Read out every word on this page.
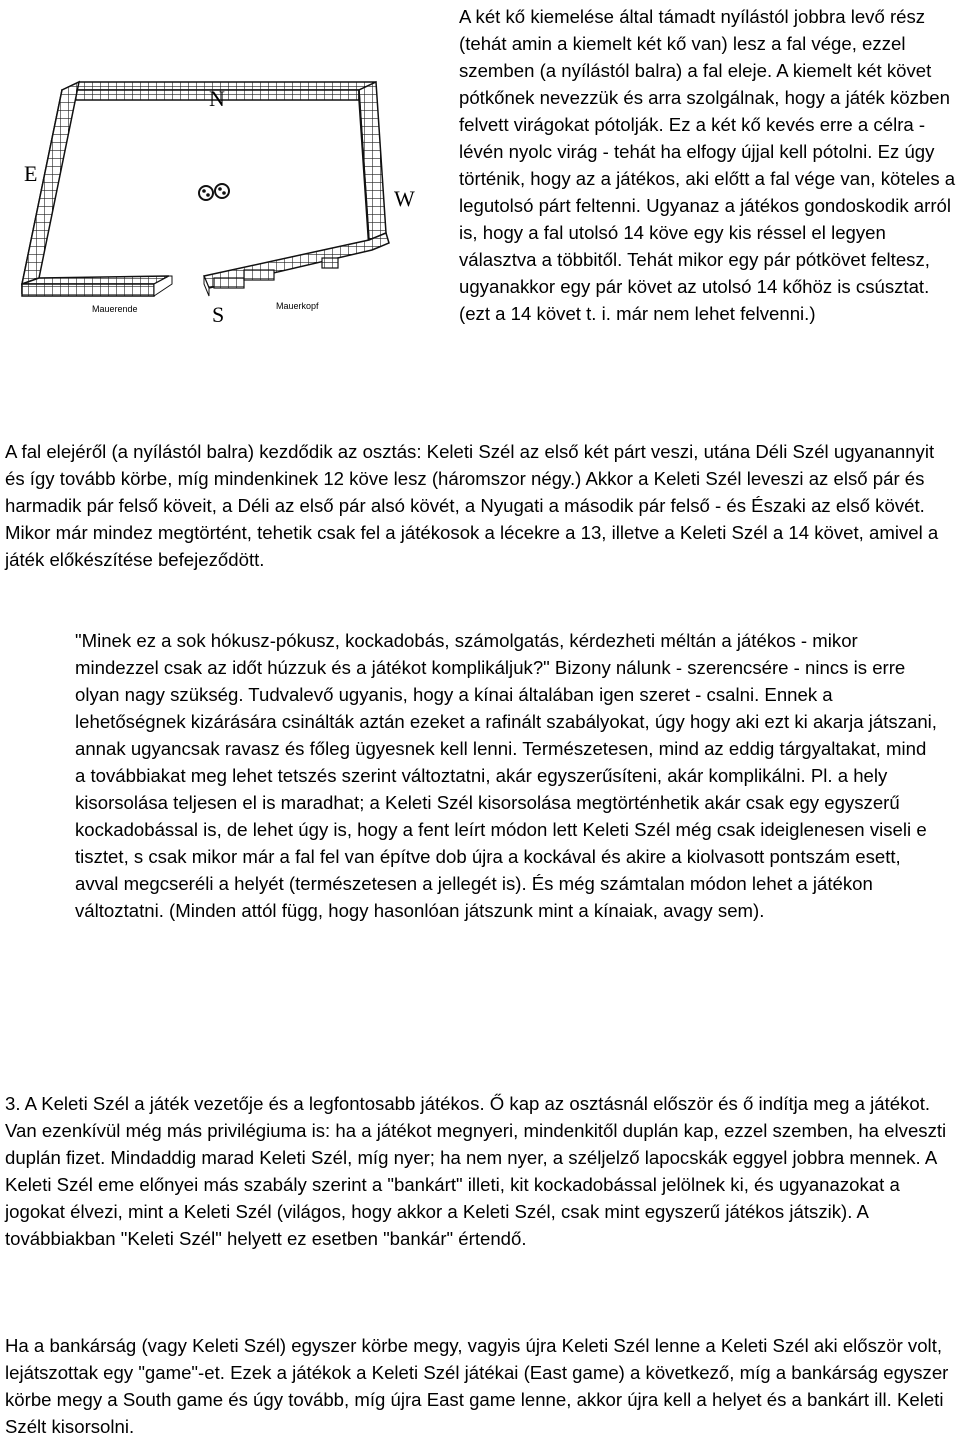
N
E
W
S
Mauerende	Mauerkopf

A két kő kiemelése által támadt nyílástól jobbra levő rész (tehát amin a kiemelt két kő van) lesz a fal vége, ezzel szemben (a nyílástól balra) a fal eleje. A kiemelt két követ pótkőnek nevezzük és arra szolgálnak, hogy a játék közben felvett virágokat pótolják. Ez a két kő kevés erre a célra - lévén nyolc virág - tehát ha elfogy újjal kell pótolni. Ez úgy történik, hogy az a játékos, aki előtt a fal vége van, köteles a legutolsó párt feltenni. Ugyanaz a játékos gondoskodik arról is, hogy a fal utolsó 14 köve egy kis réssel el legyen választva a többitől. Tehát mikor egy pár pótkövet feltesz, ugyanakkor egy pár követ az utolsó 14 kőhöz is csúsztat. (ezt a 14 követ t. i. már nem lehet felvenni.)

A fal elejéről (a nyílástól balra) kezdődik az osztás: Keleti Szél az első két párt veszi, utána Déli Szél ugyanannyit és így tovább körbe, míg mindenkinek 12 köve lesz (háromszor négy.) Akkor a Keleti Szél leveszi az első pár és harmadik pár felső köveit, a Déli az első pár alsó kövét, a Nyugati a második pár felső - és Északi az első kövét. Mikor már mindez megtörtént, tehetik csak fel a játékosok a lécekre a 13, illetve a Keleti Szél a 14 követ, amivel a játék előkészítése befejeződött.

"Minek ez a sok hókusz-pókusz, kockadobás, számolgatás, kérdezheti méltán a játékos - mikor mindezzel csak az időt húzzuk és a játékot komplikáljuk?" Bizony nálunk - szerencsére - nincs is erre olyan nagy szükség. Tudvalevő ugyanis, hogy a kínai általában igen szeret - csalni. Ennek a lehetőségnek kizárására csinálták aztán ezeket a rafinált szabályokat, úgy hogy aki ezt ki akarja játszani, annak ugyancsak ravasz és főleg ügyesnek kell lenni. Természetesen, mind az eddig tárgyaltakat, mind a továbbiakat meg lehet tetszés szerint változtatni, akár egyszerűsíteni, akár komplikálni. Pl. a hely kisorsolása teljesen el is maradhat; a Keleti Szél kisorsolása megtörténhetik akár csak egy egyszerű kockadobással is, de lehet úgy is, hogy a fent leírt módon lett Keleti Szél még csak ideiglenesen viseli e tisztet, s csak mikor már a fal fel van építve dob újra a kockával és akire a kiolvasott pontszám esett, avval megcseréli a helyét (természetesen a jellegét is). És még számtalan módon lehet a játékon változtatni. (Minden attól függ, hogy hasonlóan játszunk mint a kínaiak, avagy sem).

3. A Keleti Szél a játék vezetője és a legfontosabb játékos. Ő kap az osztásnál először és ő indítja meg a játékot. Van ezenkívül még más privilégiuma is: ha a játékot megnyeri, mindenkitől duplán kap, ezzel szemben, ha elveszti duplán fizet. Mindaddig marad Keleti Szél, míg nyer; ha nem nyer, a széljelző lapocskák eggyel jobbra mennek. A Keleti Szél eme előnyei más szabály szerint a "bankárt" illeti, kit kockadobással jelölnek ki, és ugyanazokat a jogokat élvezi, mint a Keleti Szél (világos, hogy akkor a Keleti Szél, csak mint egyszerű játékos játszik). A továbbiakban "Keleti Szél" helyett ez esetben "bankár" értendő.

Ha a bankárság (vagy Keleti Szél) egyszer körbe megy, vagyis újra Keleti Szél lenne a Keleti Szél aki először volt, lejátszottak egy "game"-et. Ezek a játékok a Keleti Szél játékai (East game) a következő, míg a bankárság egyszer körbe megy a South game és úgy tovább, míg újra East game lenne, akkor újra kell a helyet és a bankárt ill. Keleti Szélt kisorsolni.
